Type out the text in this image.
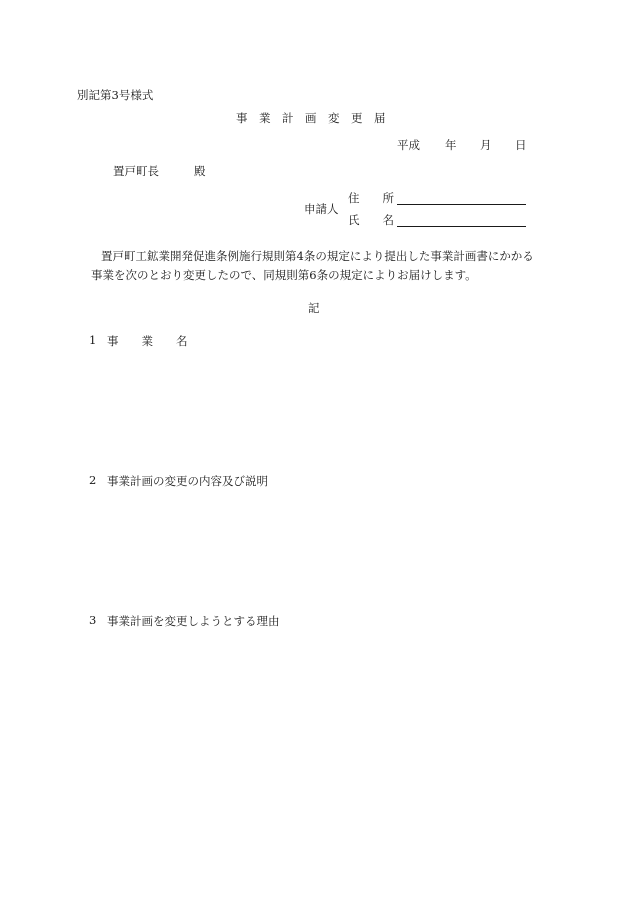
別記第3号様式
事　業　計　画　変　更　届
平成 年 月 日
置戸町長	殿
申請人
住　　所
氏　　名
置戸町工鉱業開発促進条例施行規則第4条の規定により提出した事業計画書にかかる
事業を次のとおり変更したので、同規則第6条の規定によりお届けします。
記
1 事　　業　　名
2 事業計画の変更の内容及び説明
3 事業計画を変更しようとする理由
